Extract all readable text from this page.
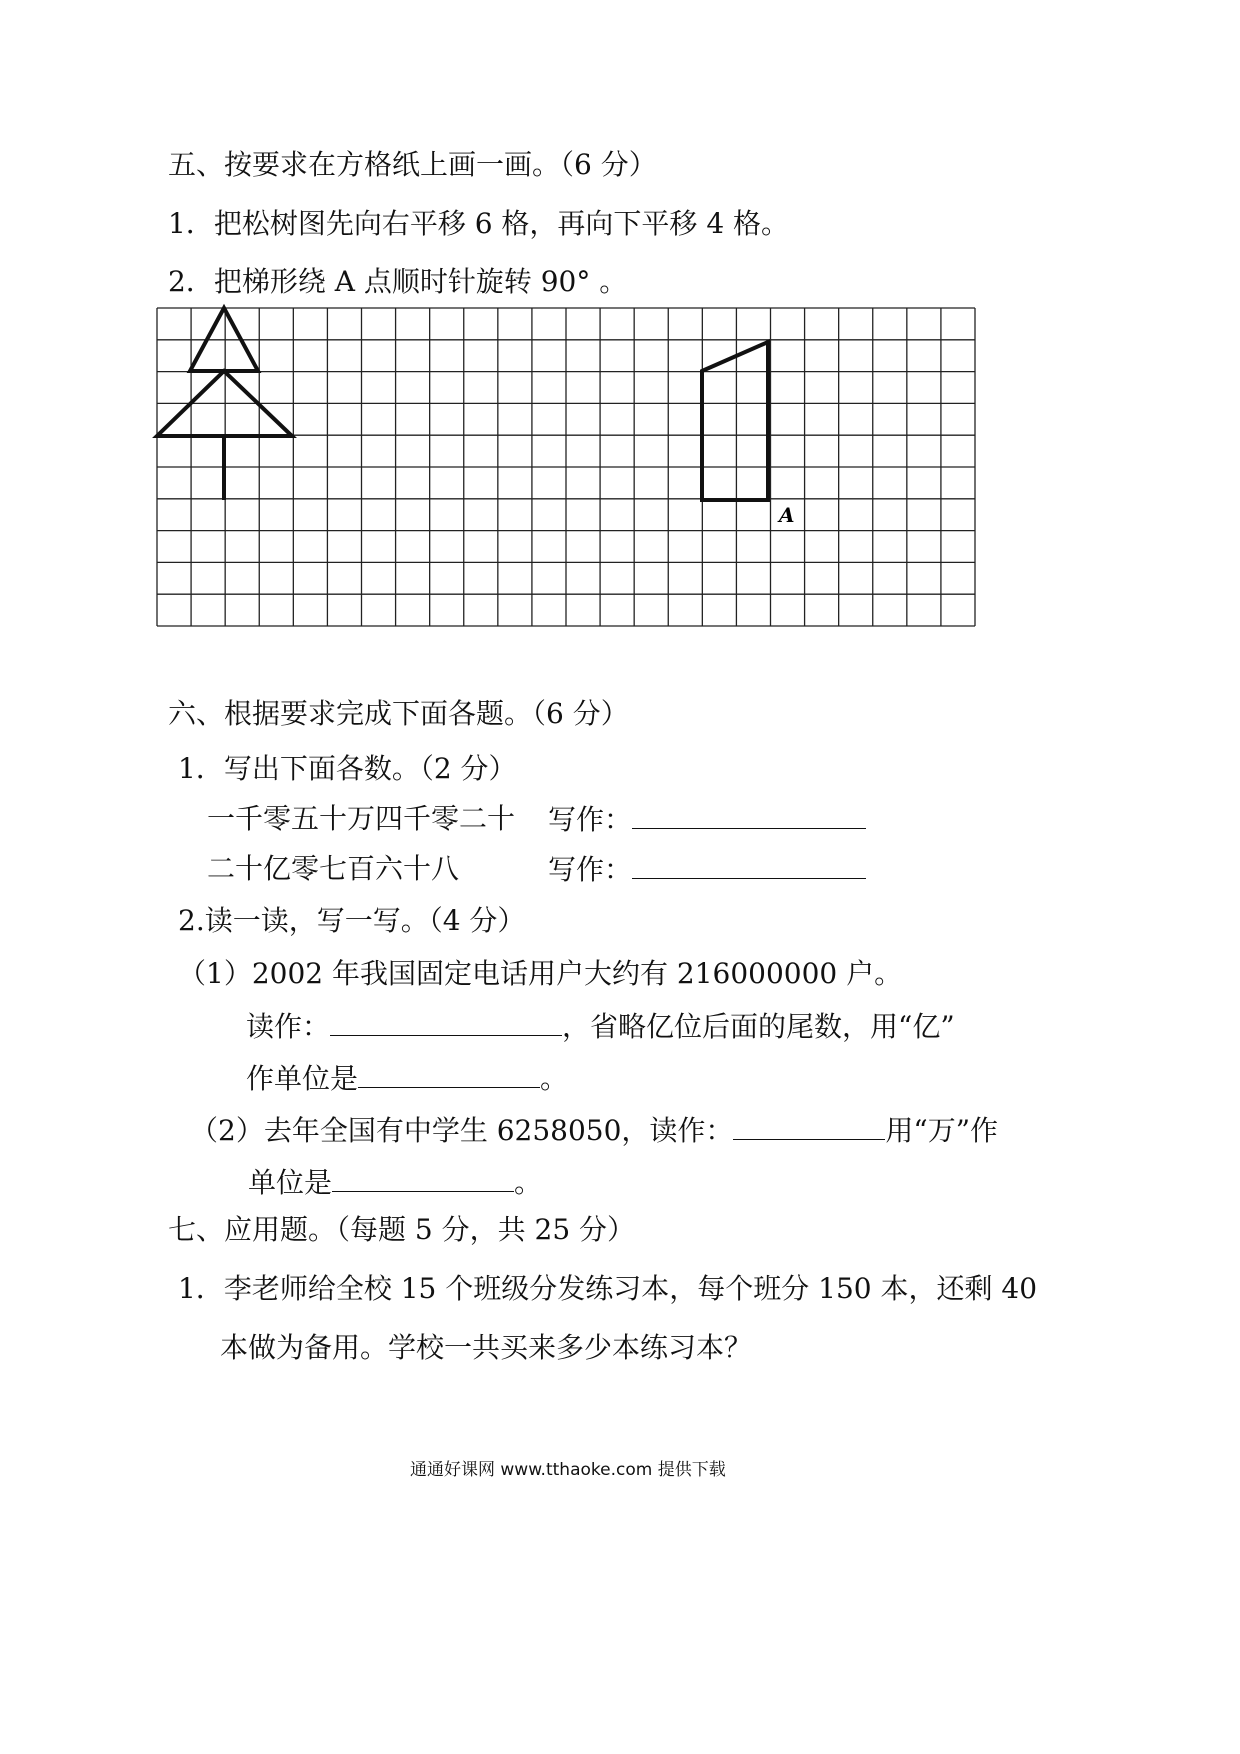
五、按要求在方格纸上画一画。（6 分）
1．把松树图先向右平移 6 格，再向下平移 4 格。
2．把梯形绕 A 点顺时针旋转 90° 。
A
六、根据要求完成下面各题。（6 分）
1．写出下面各数。（2 分）
一千零五十万四千零二十 写作：
二十亿零七百六十八	写作：
2.读一读，写一写。（4 分）
（1）2002 年我国固定电话用户大约有 216000000 户。
读作：	，省略亿位后面的尾数，用“亿”
作单位是	。
（2）去年全国有中学生 6258050，读作：	用“万”作
单位是	。
七、应用题。（每题 5 分，共 25 分）
1．李老师给全校 15 个班级分发练习本，每个班分 150 本，还剩 40
本做为备用。学校一共买来多少本练习本？
通通好课网 www.tthaoke.com 提供下载
